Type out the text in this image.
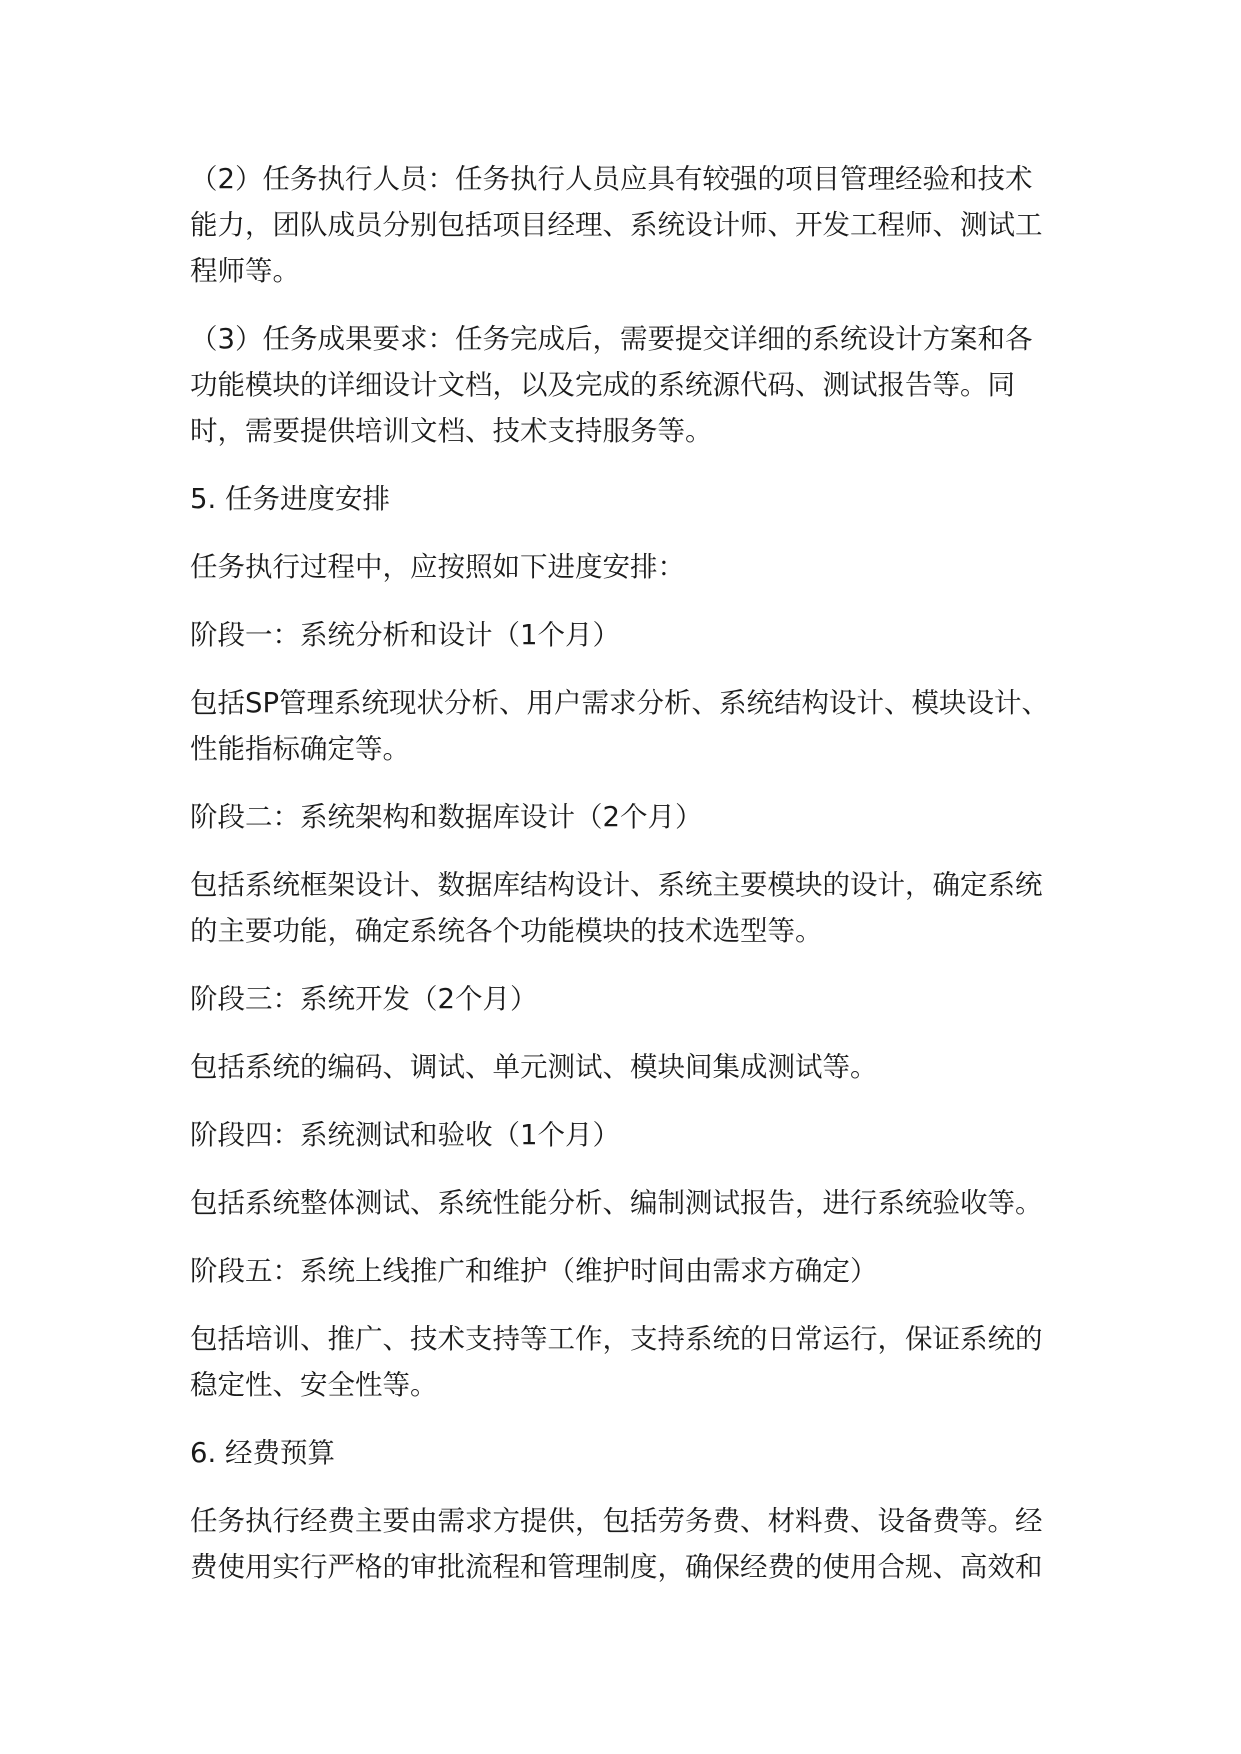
（2）任务执行人员：任务执行人员应具有较强的项目管理经验和技术能力，团队成员分别包括项目经理、系统设计师、开发工程师、测试工程师等。

（3）任务成果要求：任务完成后，需要提交详细的系统设计方案和各功能模块的详细设计文档，以及完成的系统源代码、测试报告等。同时，需要提供培训文档、技术支持服务等。

5. 任务进度安排

任务执行过程中，应按照如下进度安排：

阶段一：系统分析和设计（1个月）

包括SP管理系统现状分析、用户需求分析、系统结构设计、模块设计、性能指标确定等。

阶段二：系统架构和数据库设计（2个月）

包括系统框架设计、数据库结构设计、系统主要模块的设计，确定系统的主要功能，确定系统各个功能模块的技术选型等。

阶段三：系统开发（2个月）

包括系统的编码、调试、单元测试、模块间集成测试等。

阶段四：系统测试和验收（1个月）

包括系统整体测试、系统性能分析、编制测试报告，进行系统验收等。

阶段五：系统上线推广和维护（维护时间由需求方确定）

包括培训、推广、技术支持等工作，支持系统的日常运行，保证系统的稳定性、安全性等。

6. 经费预算

任务执行经费主要由需求方提供，包括劳务费、材料费、设备费等。经费使用实行严格的审批流程和管理制度，确保经费的使用合规、高效和
